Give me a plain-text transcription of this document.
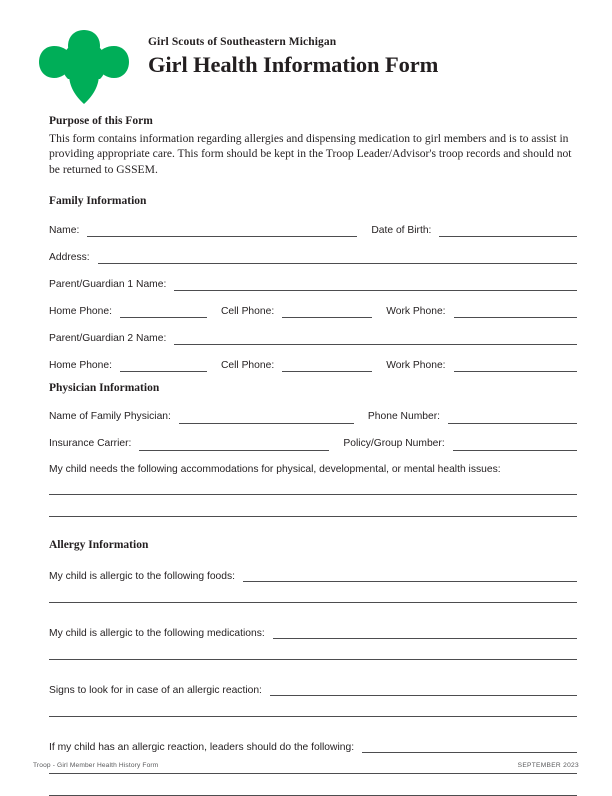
Girl Scouts of Southeastern Michigan
Girl Health Information Form
Purpose of this Form

This form contains information regarding allergies and dispensing medication to girl members and is to assist in providing appropriate care. This form should be kept in the Troop Leader/Advisor's troop records and should not be returned to GSSEM.

Family Information
Name:	Date of Birth:
Address:
Parent/Guardian 1 Name:
Home Phone:	Cell Phone:	Work Phone:
Parent/Guardian 2 Name:
Home Phone:	Cell Phone:	Work Phone:
Physician Information
Name of Family Physician:	Phone Number:
Insurance Carrier:	Policy/Group Number:
My child needs the following accommodations for physical, developmental, or mental health issues:
Allergy Information
My child is allergic to the following foods:
My child is allergic to the following medications:
Signs to look for in case of an allergic reaction:
If my child has an allergic reaction, leaders should do the following:
Troop - Girl Member Health History Form	SEPTEMBER 2023
